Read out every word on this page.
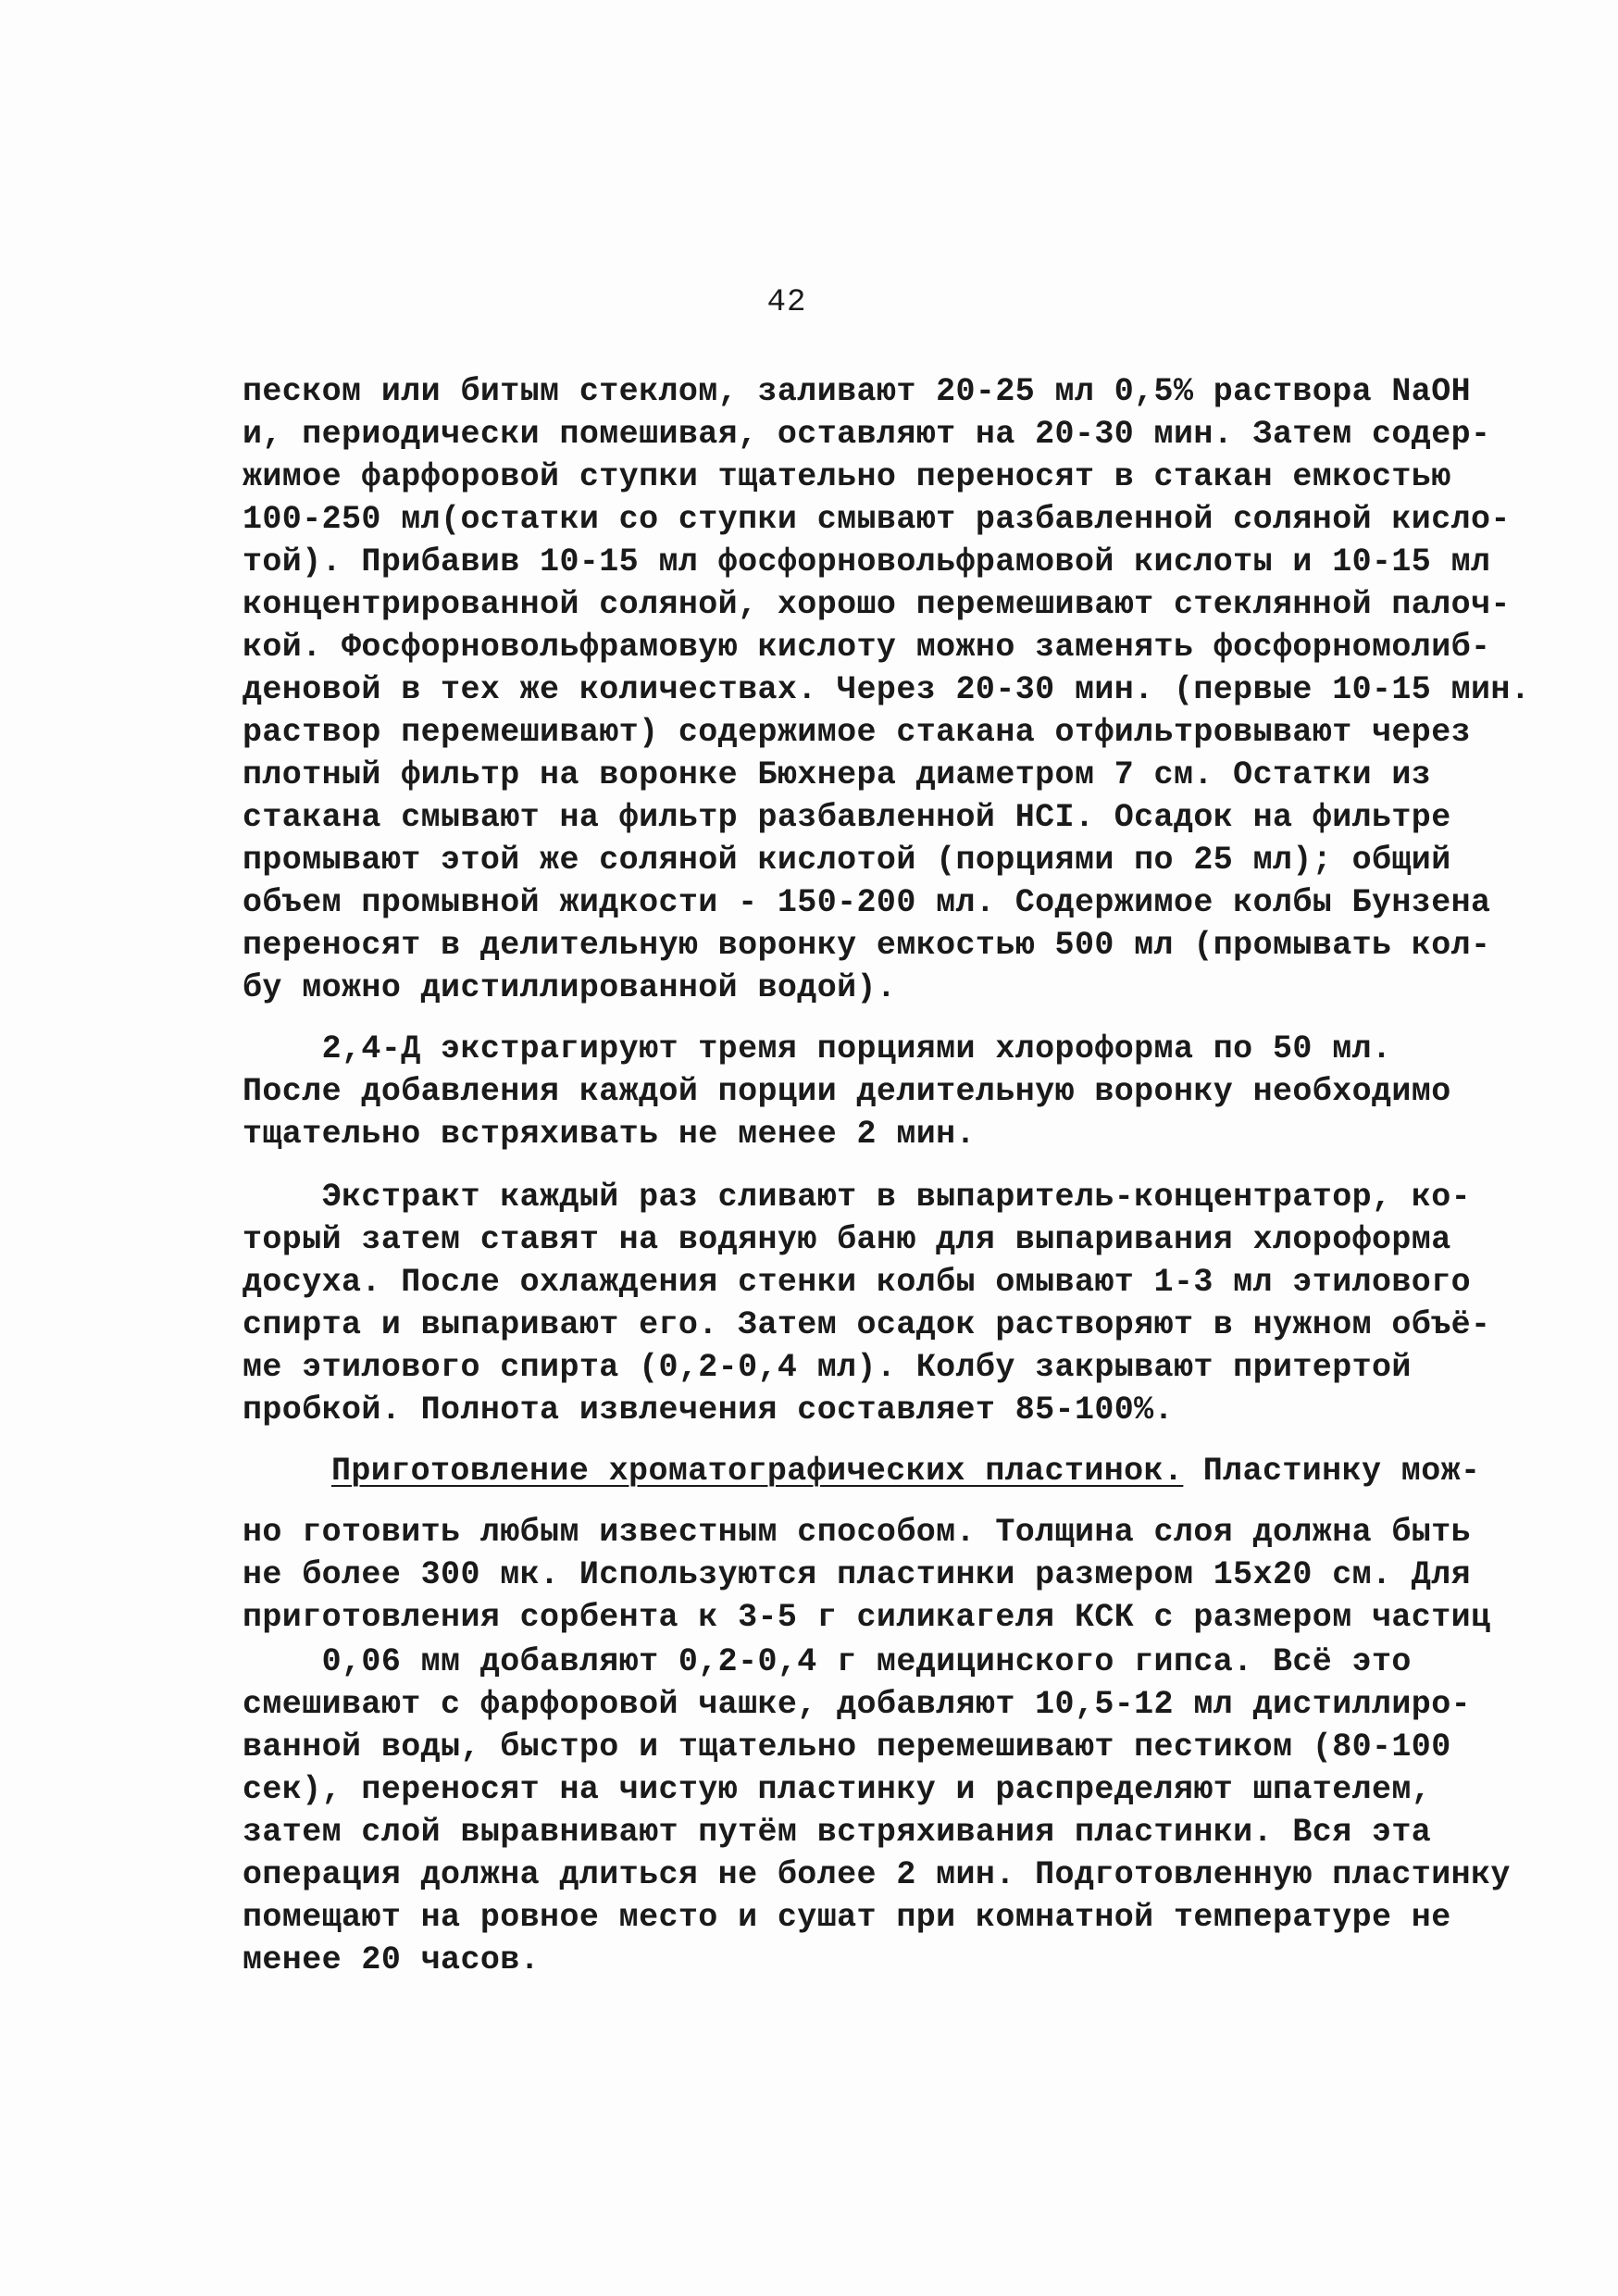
42
песком или битым стеклом, заливают 20-25 мл 0,5% раствора NaOH
и, периодически помешивая, оставляют на 20-30 мин. Затем содер-
жимое фарфоровой ступки тщательно переносят в стакан емкостью
100-250 мл(остатки со ступки смывают разбавленной соляной кисло-
той). Прибавив 10-15 мл фосфорновольфрамовой кислоты и 10-15 мл
концентрированной соляной, хорошо перемешивают стеклянной палоч-
кой. Фосфорновольфрамовую кислоту можно заменять фосфорномолиб-
деновой в тех же количествах. Через 20-30 мин. (первые 10-15 мин.
раствор перемешивают) содержимое стакана отфильтровывают через
плотный фильтр на воронке Бюхнера диаметром 7 см. Остатки из
стакана смывают на фильтр разбавленной HCI. Осадок на фильтре
промывают этой же соляной кислотой (порциями по 25 мл); общий
объем промывной жидкости - 150-200 мл. Содержимое колбы Бунзена
переносят в делительную воронку емкостью 500 мл (промывать кол-
бу можно дистиллированной водой).
2,4-Д экстрагируют тремя порциями хлороформа по 50 мл.
После добавления каждой порции делительную воронку необходимо
тщательно встряхивать не менее 2 мин.
Экстракт каждый раз сливают в выпаритель-концентратор, ко-
торый затем ставят на водяную баню для выпаривания хлороформа
досуха. После охлаждения стенки колбы омывают 1-3 мл этилового
спирта и выпаривают его. Затем осадок растворяют в нужном объё-
ме этилового спирта (0,2-0,4 мл). Колбу закрывают притертой
пробкой. Полнота извлечения составляет 85-100%.
Приготовление хроматографических пластинок. Пластинку мож-
но готовить любым известным способом. Толщина слоя должна быть
не более 300 мк. Используются пластинки размером 15х20 см. Для
приготовления сорбента к 3-5 г силикагеля КСК с размером частиц
0,06 мм добавляют 0,2-0,4 г медицинского гипса. Всё это
смешивают с фарфоровой чашке, добавляют 10,5-12 мл дистиллиро-
ванной воды, быстро и тщательно перемешивают пестиком (80-100
сек), переносят на чистую пластинку и распределяют шпателем,
затем слой выравнивают путём встряхивания пластинки. Вся эта
операция должна длиться не более 2 мин. Подготовленную пластинку
помещают на ровное место и сушат при комнатной температуре не
менее 20 часов.
